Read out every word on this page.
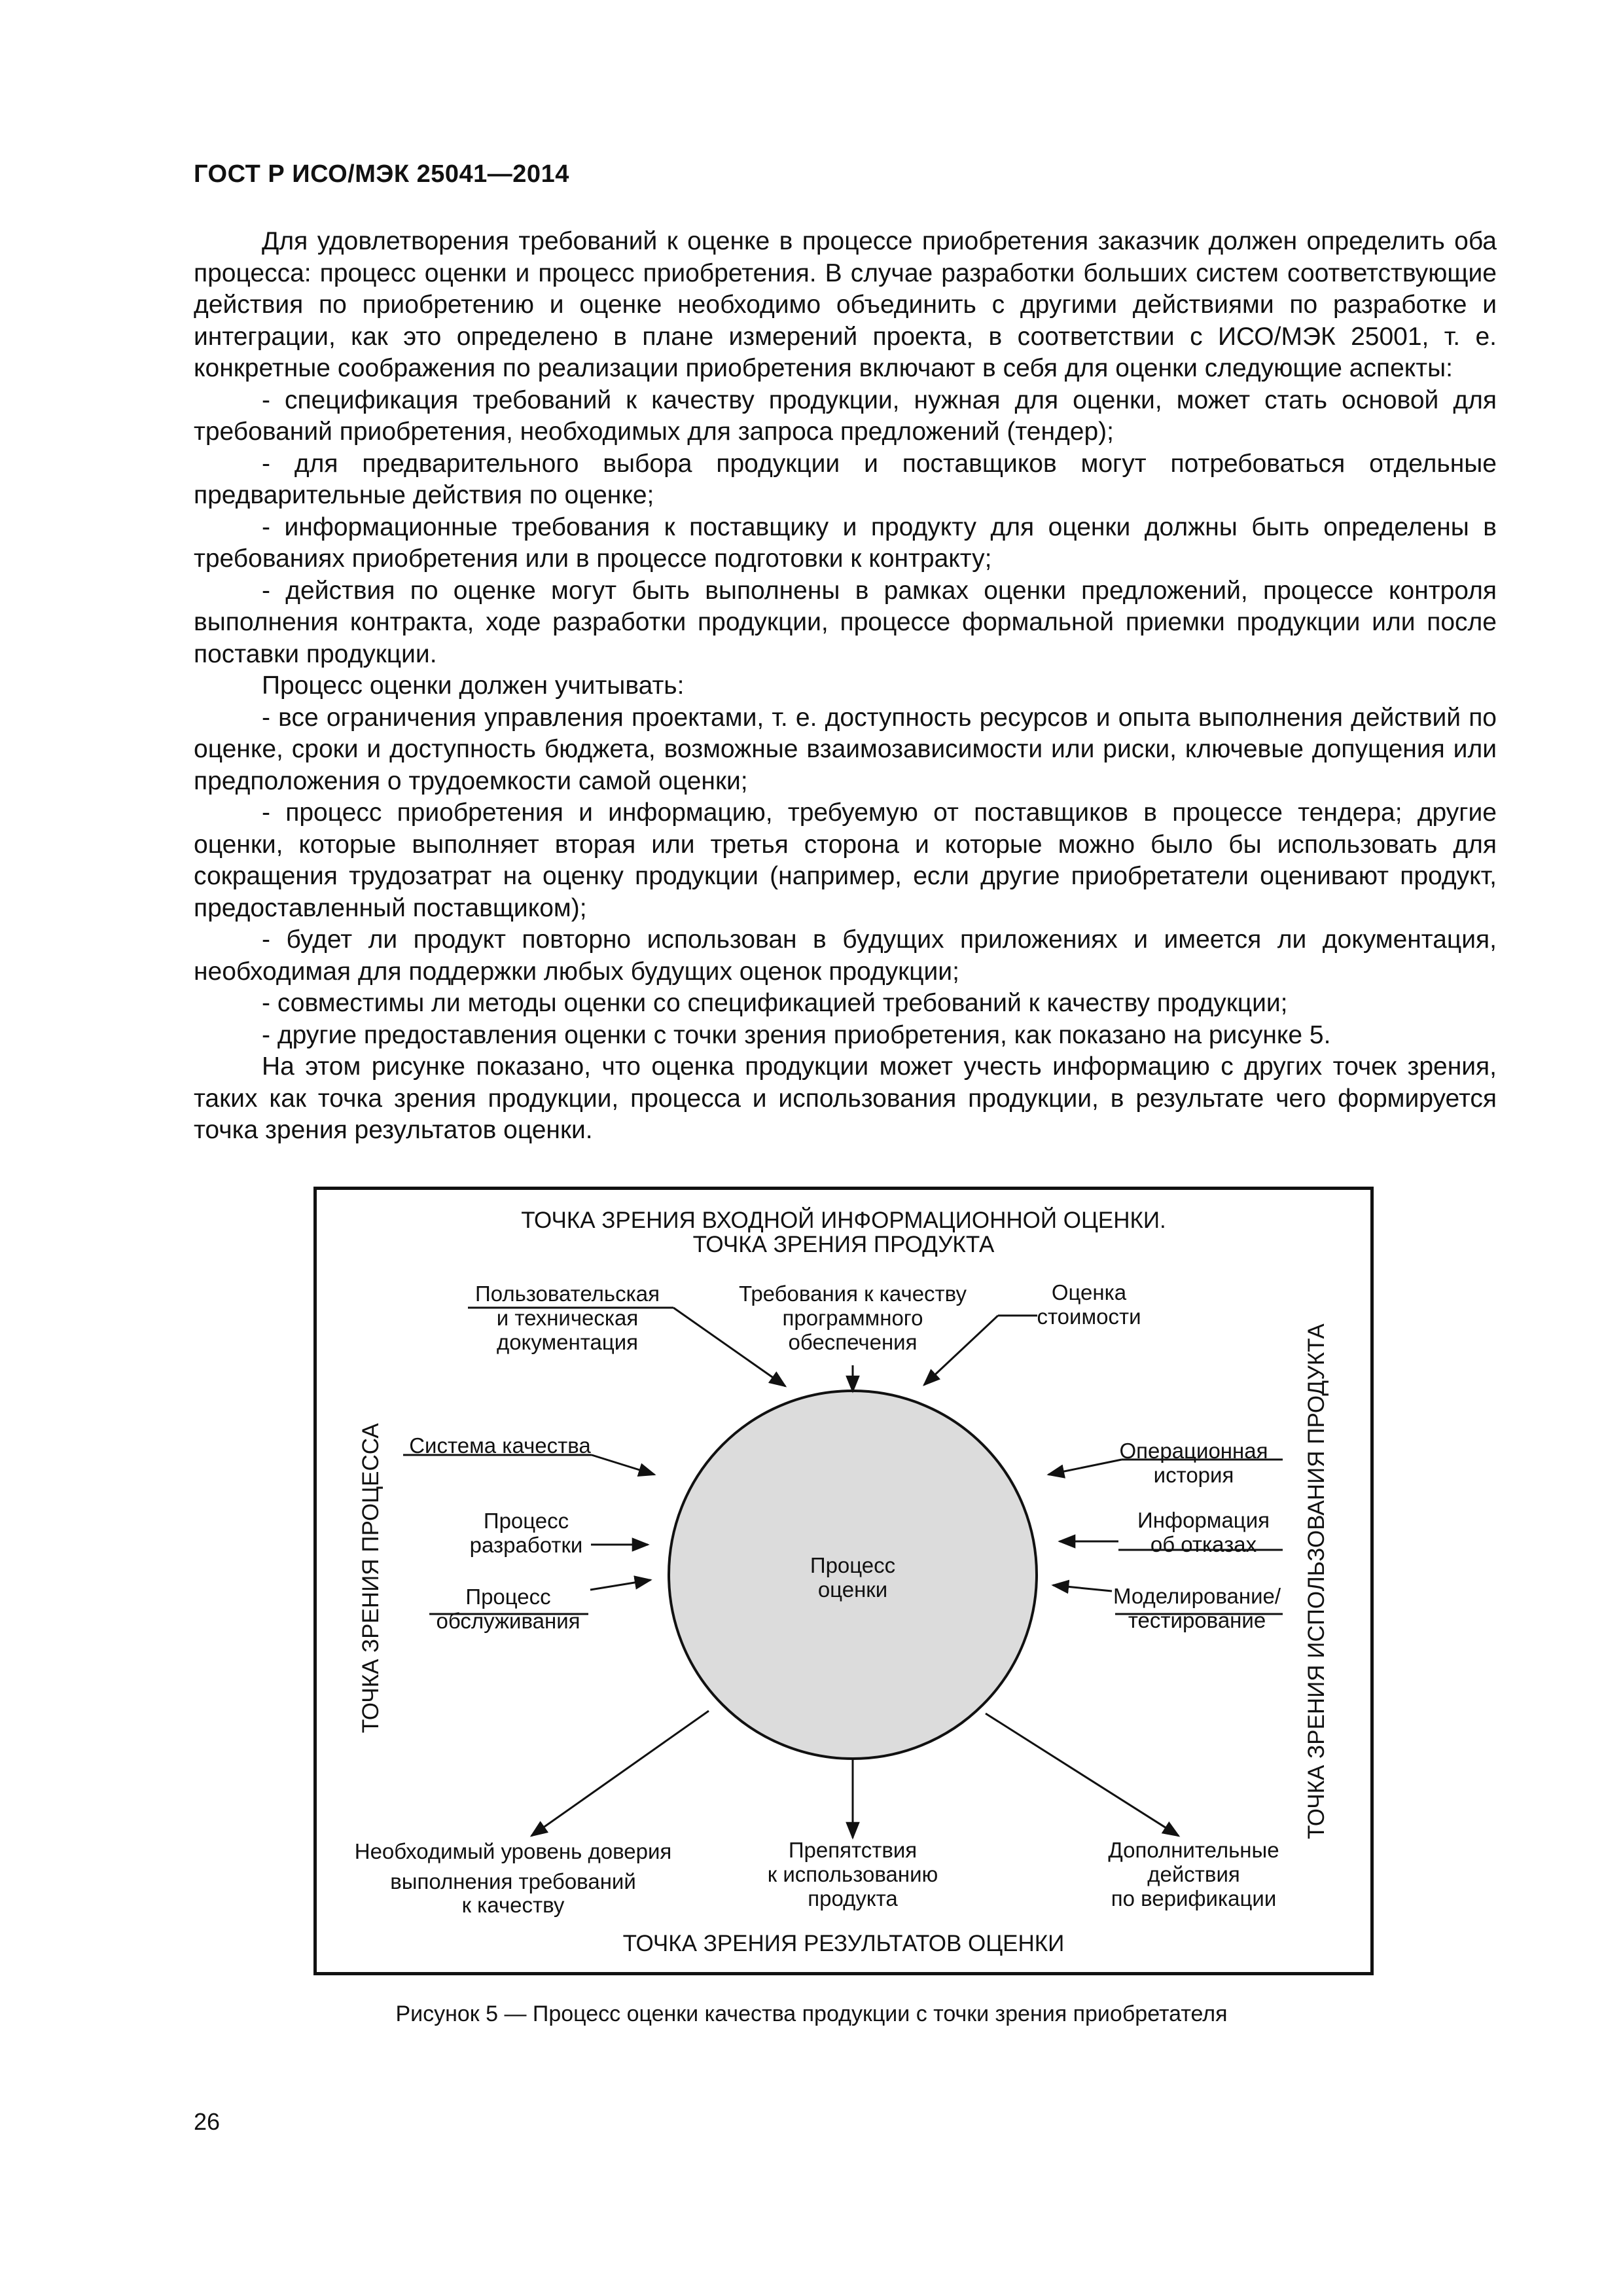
ГОСТ Р ИСО/МЭК 25041—2014

Для удовлетворения требований к оценке в процессе приобретения заказчик должен определить оба процесса: процесс оценки и процесс приобретения. В случае разработки больших систем соответствующие действия по приобретению и оценке необходимо объединить с другими действиями по разработке и интеграции, как это определено в плане измерений проекта, в соответствии с ИСО/МЭК 25001, т. е. конкретные соображения по реализации приобретения включают в себя для оценки следующие аспекты:

- спецификация требований к качеству продукции, нужная для оценки, может стать основой для требований приобретения, необходимых для запроса предложений (тендер);

- для предварительного выбора продукции и поставщиков могут потребоваться отдельные предварительные действия по оценке;

- информационные требования к поставщику и продукту для оценки должны быть определены в требованиях приобретения или в процессе подготовки к контракту;

- действия по оценке могут быть выполнены в рамках оценки предложений, процессе контроля выполнения контракта, ходе разработки продукции, процессе формальной приемки продукции или после поставки продукции.

Процесс оценки должен учитывать:

- все ограничения управления проектами, т. е. доступность ресурсов и опыта выполнения действий по оценке, сроки и доступность бюджета, возможные взаимозависимости или риски, ключевые допущения или предположения о трудоемкости самой оценки;

- процесс приобретения и информацию, требуемую от поставщиков в процессе тендера; другие оценки, которые выполняет вторая или третья сторона и которые можно было бы использовать для сокращения трудозатрат на оценку продукции (например, если другие приобретатели оценивают продукт, предоставленный поставщиком);

- будет ли продукт повторно использован в будущих приложениях и имеется ли документация, необходимая для поддержки любых будущих оценок продукции;

- совместимы ли методы оценки со спецификацией требований к качеству продукции;

- другие предоставления оценки с точки зрения приобретения, как показано на рисунке 5.

На этом рисунке показано, что оценка продукции может учесть информацию с других точек зрения, таких как точка зрения продукции, процесса и использования продукции, в результате чего формируется точка зрения результатов оценки.

ТОЧКА ЗРЕНИЯ ВХОДНОЙ ИНФОРМАЦИОННОЙ ОЦЕНКИ.
ТОЧКА ЗРЕНИЯ ПРОДУКТА
Пользовательская
и техническая
документация
Требования к качеству
программного
обеспечения
Оценка
стоимости
Система качества
Процесс
разработки
Процесс
обслуживания
Операционная
история
Информация
об отказах
Моделирование/
тестирование
Процесс
оценки
Необходимый уровень доверия
выполнения требований
к качеству
Препятствия
к использованию
продукта
Дополнительные
действия
по верификации
ТОЧКА ЗРЕНИЯ РЕЗУЛЬТАТОВ ОЦЕНКИ
ТОЧКА ЗРЕНИЯ ПРОЦЕССА	ТОЧКА ЗРЕНИЯ ИСПОЛЬЗОВАНИЯ ПРОДУКТА
Рисунок 5 — Процесс оценки качества продукции с точки зрения приобретателя
26
